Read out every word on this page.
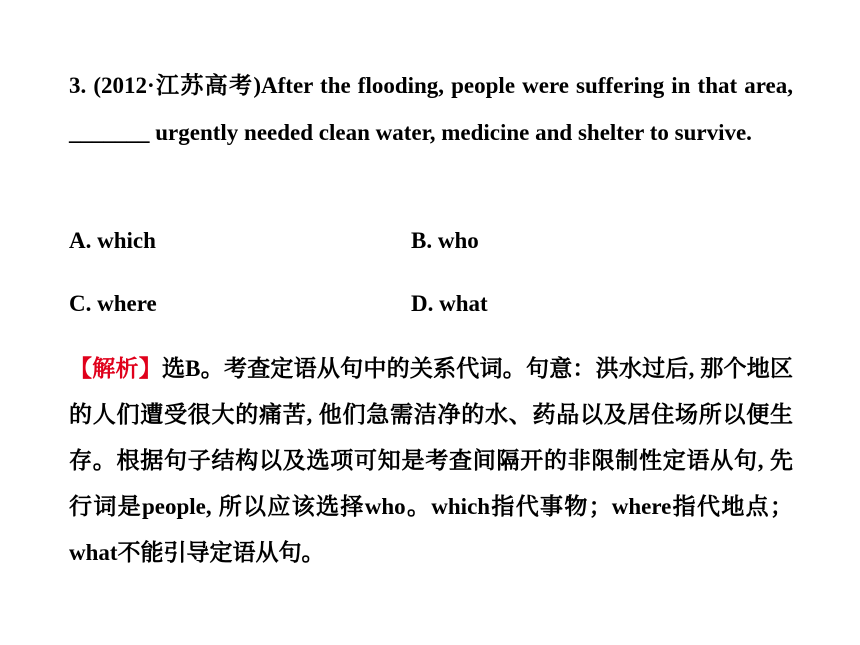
3. (2012·江苏高考)After the flooding, people were suffering in that area, _______ urgently needed clean water, medicine and shelter to survive.
A. which	B. who
C. where	D. what
【解析】选B。考查定语从句中的关系代词。句意：洪水过后, 那个地区的人们遭受很大的痛苦, 他们急需洁净的水、药品以及居住场所以便生存。根据句子结构以及选项可知是考查间隔开的非限制性定语从句, 先行词是people, 所以应该选择who。which指代事物；where指代地点；what不能引导定语从句。
